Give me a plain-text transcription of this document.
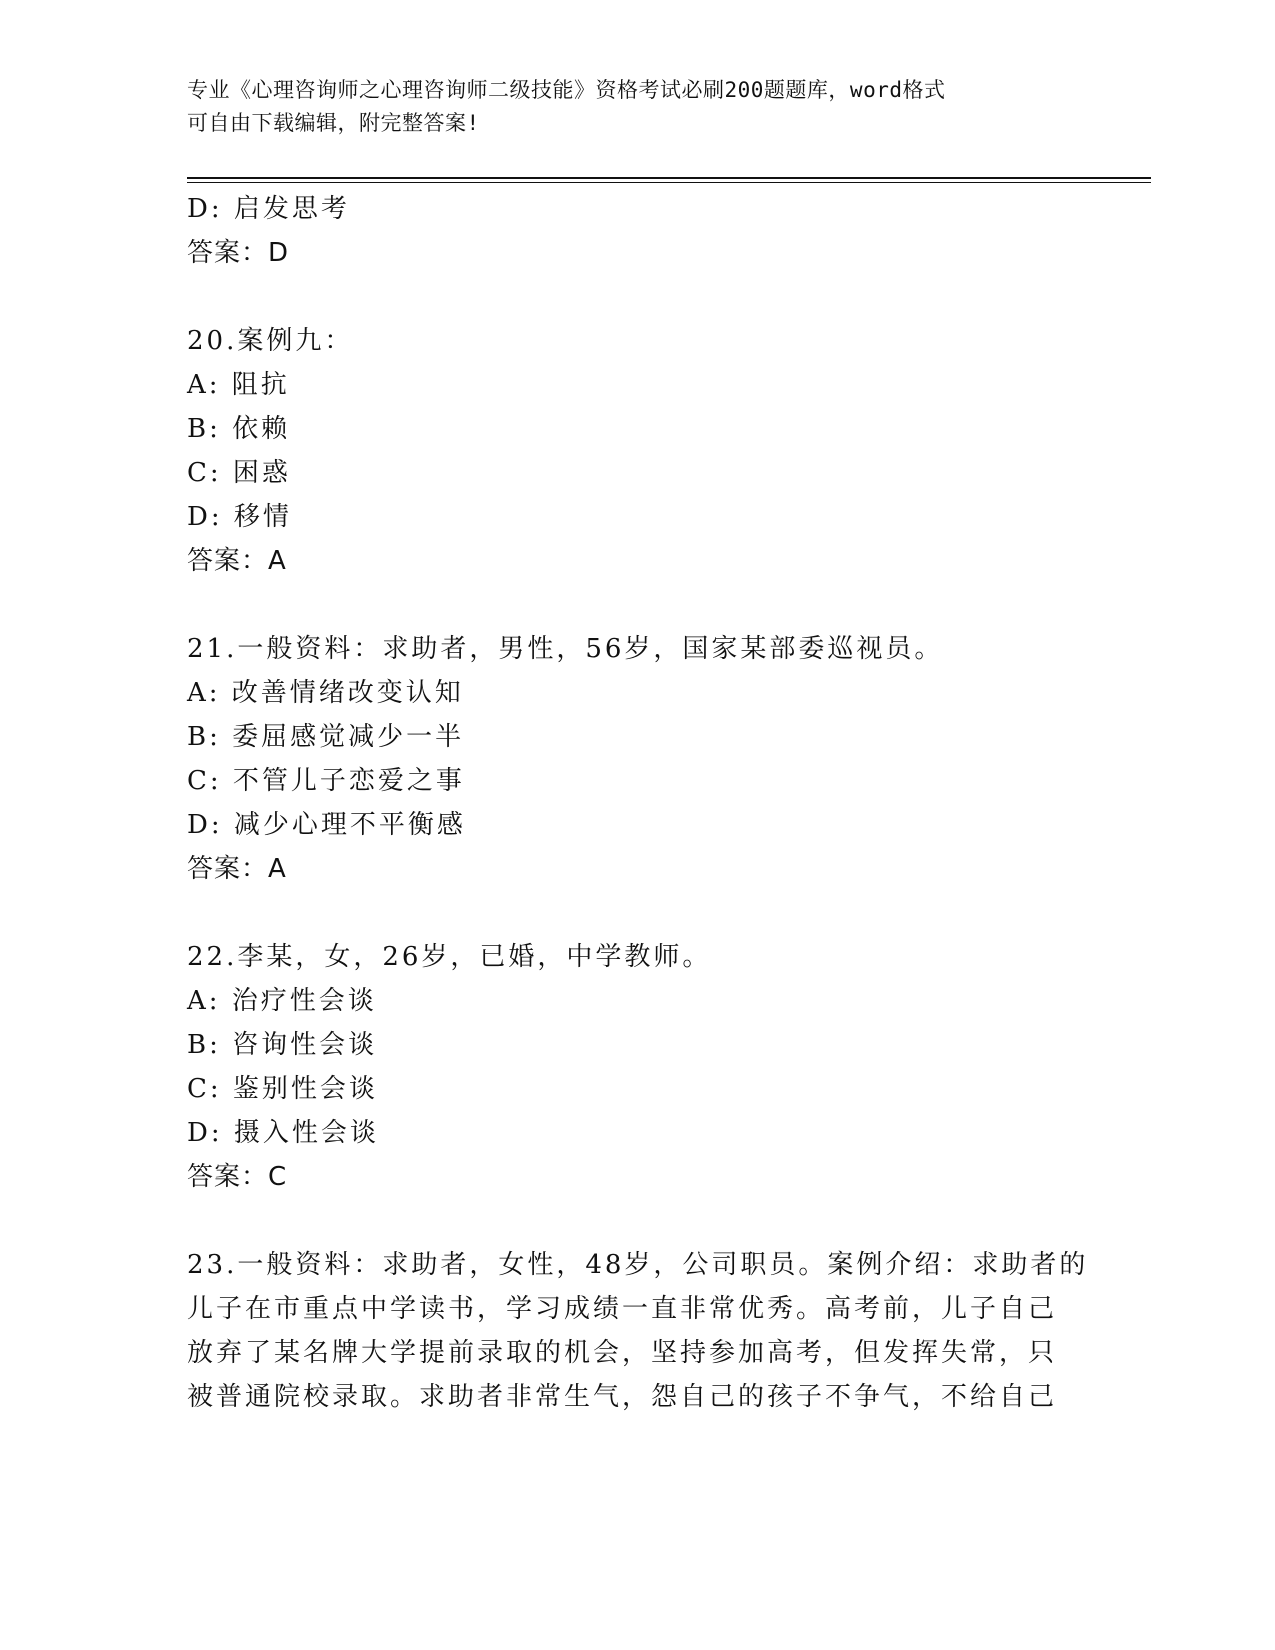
专业《心理咨询师之心理咨询师二级技能》资格考试必刷200题题库，word格式
可自由下载编辑，附完整答案!
D: 启发思考
答案：D
20.案例九：
A: 阻抗
B: 依赖
C: 困惑
D: 移情
答案：A
21.一般资料：求助者，男性，56岁，国家某部委巡视员。
A: 改善情绪改变认知
B: 委屈感觉减少一半
C: 不管儿子恋爱之事
D: 减少心理不平衡感
答案：A
22.李某，女，26岁，已婚，中学教师。
A: 治疗性会谈
B: 咨询性会谈
C: 鉴别性会谈
D: 摄入性会谈
答案：C
23.一般资料：求助者，女性，48岁，公司职员。案例介绍：求助者的
儿子在市重点中学读书，学习成绩一直非常优秀。高考前，儿子自己
放弃了某名牌大学提前录取的机会，坚持参加高考，但发挥失常，只
被普通院校录取。求助者非常生气，怨自己的孩子不争气，不给自己
